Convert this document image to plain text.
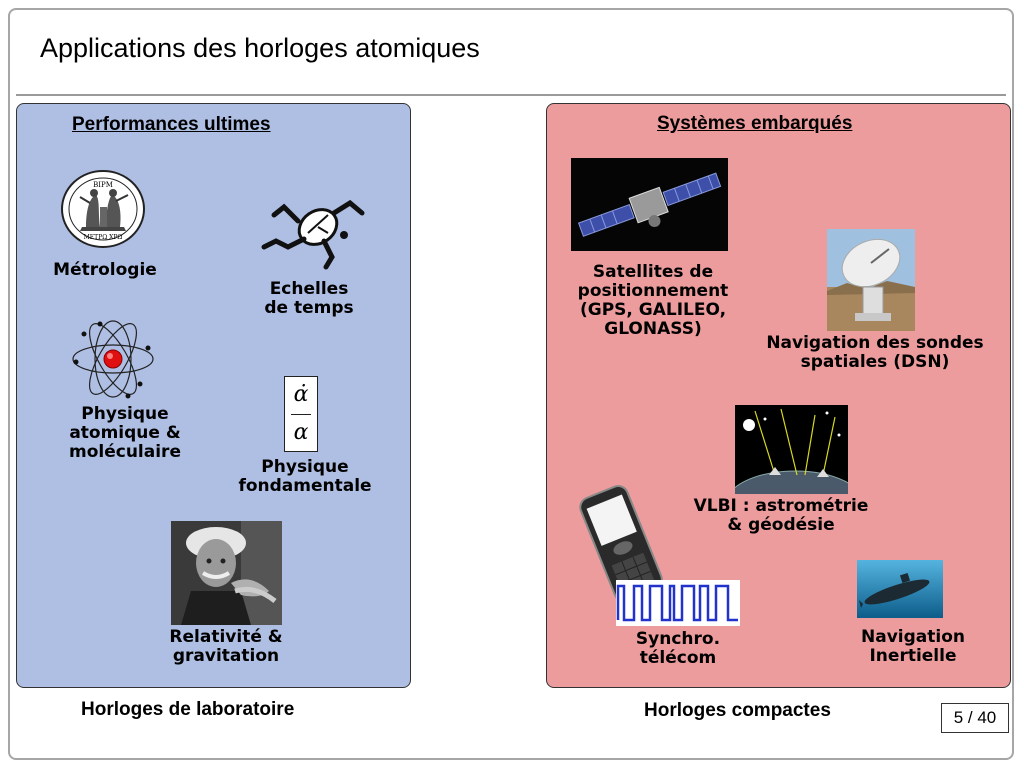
Applications des horloges atomiques
Performances ultimes
BIPM
ΜΕΤΡΩ ΧΡΩ
Métrologie
Echelles
de temps
Physique
atomique &
moléculaire
α̇
α
Physique
fondamentale
Relativité &
gravitation
Horloges de laboratoire
Systèmes embarqués
Satellites de
positionnement
(GPS, GALILEO,
GLONASS)
Navigation des sondes
spatiales (DSN)
VLBI : astrométrie
& géodésie
Synchro.
télécom
Navigation
Inertielle
Horloges compactes	5 / 40
